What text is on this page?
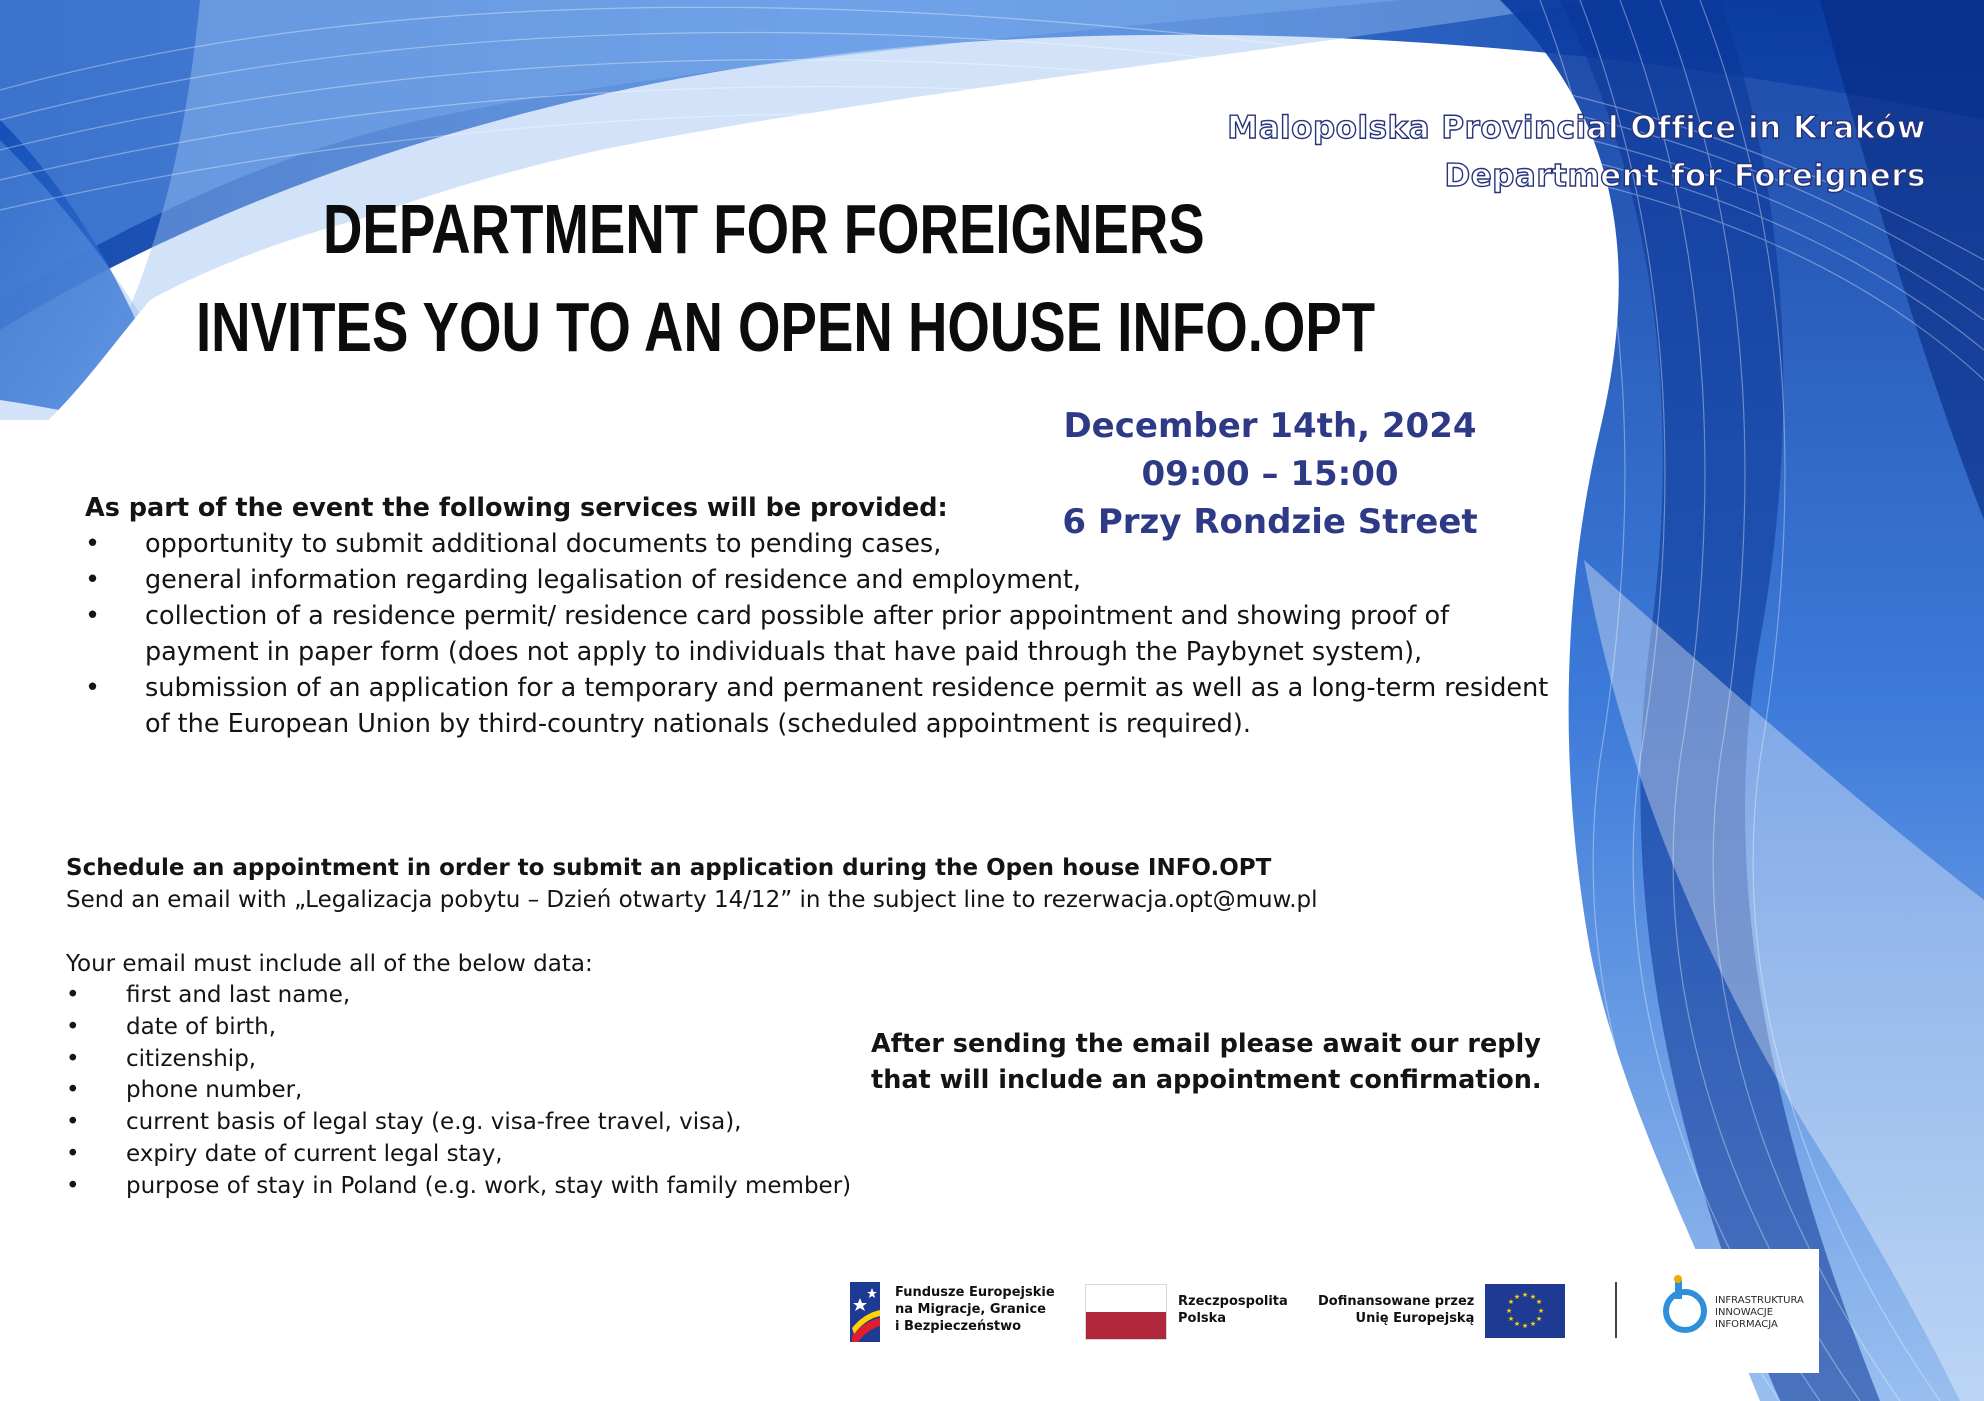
Malopolska Provincial Office in Kraków
Department for Foreigners
DEPARTMENT FOR FOREIGNERS
INVITES YOU TO AN OPEN HOUSE INFO.OPT
December 14th, 2024
09:00 – 15:00
6 Przy Rondzie Street
As part of the event the following services will be provided:
• opportunity to submit additional documents to pending cases,
• general information regarding legalisation of residence and employment,
• collection of a residence permit/ residence card possible after prior appointment and showing proof of payment in paper form (does not apply to individuals that have paid through the Paybynet system),
• submission of an application for a temporary and permanent residence permit as well as a long-term resident of the European Union by third-country nationals (scheduled appointment is required).
Schedule an appointment in order to submit an application during the Open house INFO.OPT
Send an email with „Legalizacja pobytu – Dzień otwarty 14/12” in the subject line to rezerwacja.opt@muw.pl
Your email must include all of the below data:
• first and last name,
• date of birth,
• citizenship,
• phone number,
• current basis of legal stay (e.g. visa-free travel, visa),
• expiry date of current legal stay,
• purpose of stay in Poland (e.g. work, stay with family member)
After sending the email please await our reply that will include an appointment confirmation.
Fundusze Europejskie
na Migracje, Granice
i Bezpieczeństwo
Rzeczpospolita
Polska
Dofinansowane przez
Unię Europejską
★ ★
★
★
★
★
★
★
★
★
★
★	INFRASTRUKTURA
INNOWACJE
INFORMACJA
